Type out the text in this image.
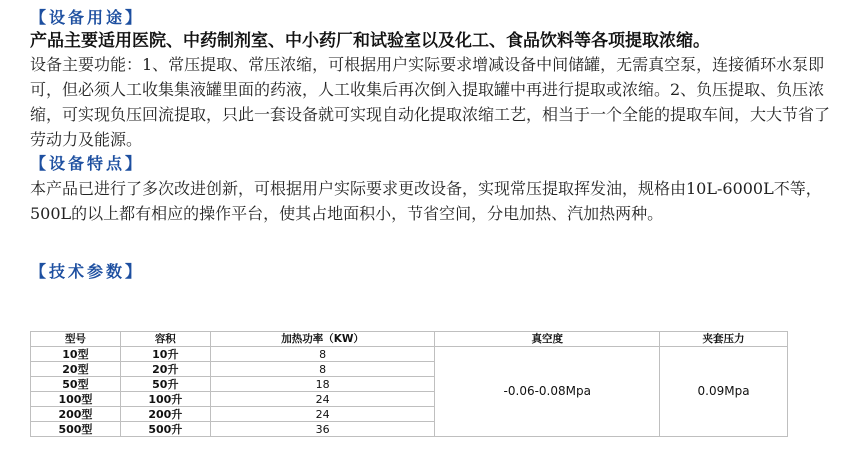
【设备用途】

产品主要适用医院、中药制剂室、中小药厂和试验室以及化工、食品饮料等各项提取浓缩。

设备主要功能：1、常压提取、常压浓缩，可根据用户实际要求增减设备中间储罐，无需真空泵，连接循环水泵即可，但必须人工收集集液罐里面的药液，人工收集后再次倒入提取罐中再进行提取或浓缩。2、负压提取、负压浓缩，可实现负压回流提取，只此一套设备就可实现自动化提取浓缩工艺，相当于一个全能的提取车间，大大节省了劳动力及能源。

【设备特点】

本产品已进行了多次改进创新，可根据用户实际要求更改设备，实现常压提取挥发油，规格由10L-6000L不等，500L的以上都有相应的操作平台，使其占地面积小，节省空间，分电加热、汽加热两种。

【技术参数】

型号	容积	加热功率（KW）	真空度	夹套压力
10型	10升	8	-0.06-0.08Mpa	0.09Mpa
20型	20升	8		
50型	50升	18		
100型	100升	24		
200型	200升	24		
500型	500升	36		
